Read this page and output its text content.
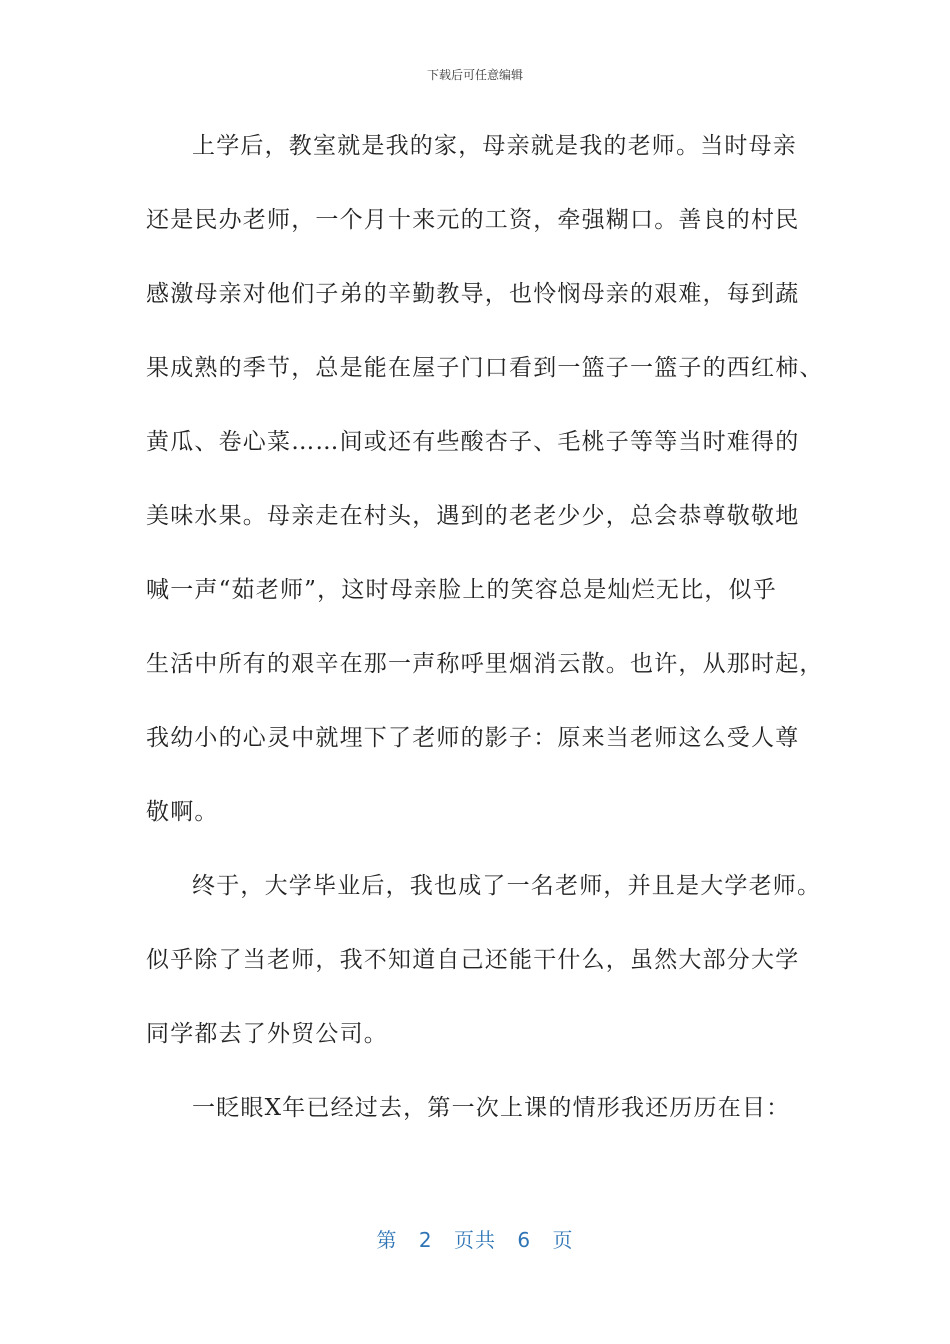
下载后可任意编辑
上学后，教室就是我的家，母亲就是我的老师。当时母亲
还是民办老师，一个月十来元的工资，牵强糊口。善良的村民
感激母亲对他们子弟的辛勤教导，也怜悯母亲的艰难，每到蔬
果成熟的季节，总是能在屋子门口看到一篮子一篮子的西红柿、
黄瓜、卷心菜……间或还有些酸杏子、毛桃子等等当时难得的
美味水果。母亲走在村头，遇到的老老少少，总会恭尊敬敬地
喊一声“茹老师”，这时母亲脸上的笑容总是灿烂无比，似乎
生活中所有的艰辛在那一声称呼里烟消云散。也许，从那时起，
我幼小的心灵中就埋下了老师的影子：原来当老师这么受人尊
敬啊。
终于，大学毕业后，我也成了一名老师，并且是大学老师。
似乎除了当老师，我不知道自己还能干什么，虽然大部分大学
同学都去了外贸公司。
一眨眼X年已经过去，第一次上课的情形我还历历在目：
第 2 页共 6 页
